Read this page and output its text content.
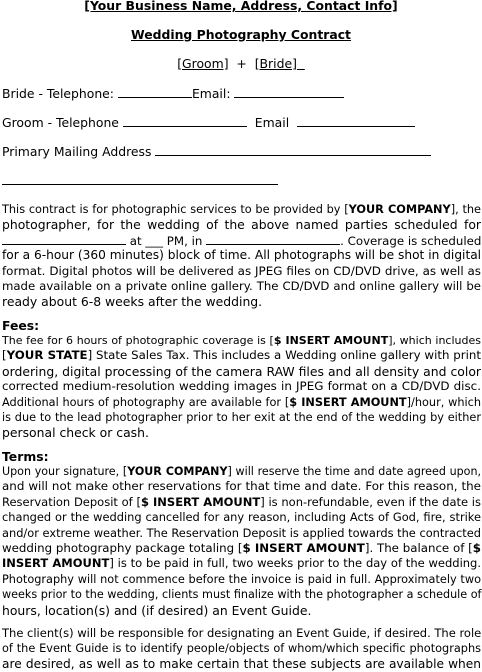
[Your Business Name, Address, Contact Info]
Wedding Photography Contract
[Groom] + [Bride]
Bride - Telephone:	Email:
Groom - Telephone	Email
Primary Mailing Address
This contract is for photographic services to be provided by [YOUR COMPANY], the
photographer, for the wedding of the above named parties scheduled for
at ___ PM, in	. Coverage is scheduled
for a 6-hour (360 minutes) block of time. All photographs will be shot in digital
format. Digital photos will be delivered as JPEG files on CD/DVD drive, as well as
made available on a private online gallery. The CD/DVD and online gallery will be
ready about 6-8 weeks after the wedding.
Fees:
The fee for 6 hours of photographic coverage is [$ INSERT AMOUNT], which includes
[YOUR STATE] State Sales Tax. This includes a Wedding online gallery with print
ordering, digital processing of the camera RAW files and all density and color
corrected medium-resolution wedding images in JPEG format on a CD/DVD disc.
Additional hours of photography are available for [$ INSERT AMOUNT]/hour, which
is due to the lead photographer prior to her exit at the end of the wedding by either
personal check or cash.
Terms:
Upon your signature, [YOUR COMPANY] will reserve the time and date agreed upon,
and will not make other reservations for that time and date. For this reason, the
Reservation Deposit of [$ INSERT AMOUNT] is non-refundable, even if the date is
changed or the wedding cancelled for any reason, including Acts of God, fire, strike
and/or extreme weather. The Reservation Deposit is applied towards the contracted
wedding photography package totaling [$ INSERT AMOUNT]. The balance of [$
INSERT AMOUNT] is to be paid in full, two weeks prior to the day of the wedding.
Photography will not commence before the invoice is paid in full. Approximately two
weeks prior to the wedding, clients must finalize with the photographer a schedule of
hours, location(s) and (if desired) an Event Guide.
The client(s) will be responsible for designating an Event Guide, if desired. The role
of the Event Guide is to identify people/objects of whom/which specific photographs
are desired, as well as to make certain that these subjects are available when
